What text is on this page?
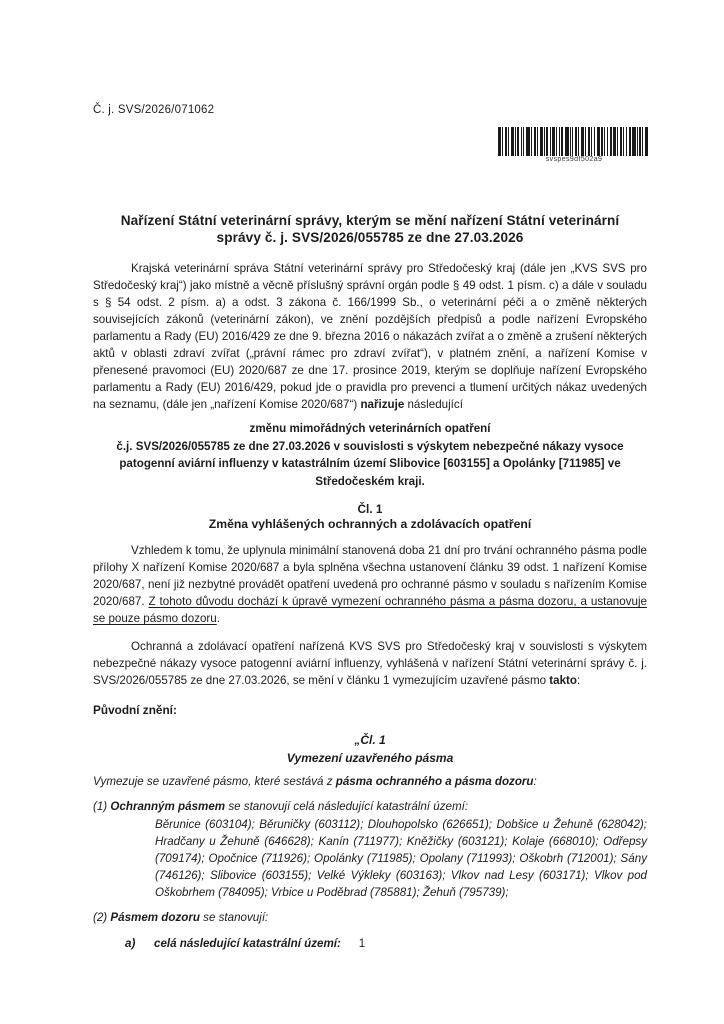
Č. j. SVS/2026/071062
svspes9df502a9
Nařízení Státní veterinární správy, kterým se mění nařízení Státní veterinární správy č. j. SVS/2026/055785 ze dne 27.03.2026

Krajská veterinární správa Státní veterinární správy pro Středočeský kraj (dále jen „KVS SVS pro Středočeský kraj“) jako místně a věcně příslušný správní orgán podle § 49 odst. 1 písm. c) a dále v souladu s § 54 odst. 2 písm. a) a odst. 3 zákona č. 166/1999 Sb., o veterinární péči a o změně některých souvisejících zákonů (veterinární zákon), ve znění pozdějších předpisů a podle nařízení Evropského parlamentu a Rady (EU) 2016/429 ze dne 9. března 2016 o nákazách zvířat a o změně a zrušení některých aktů v oblasti zdraví zvířat („právní rámec pro zdraví zvířat“), v platném znění, a nařízení Komise v přenesené pravomoci (EU) 2020/687 ze dne 17. prosince 2019, kterým se doplňuje nařízení Evropského parlamentu a Rady (EU) 2016/429, pokud jde o pravidla pro prevenci a tlumení určitých nákaz uvedených na seznamu, (dále jen „nařízení Komise 2020/687“) nařizuje následující

změnu mimořádných veterinárních opatření
č.j. SVS/2026/055785 ze dne 27.03.2026 v souvislosti s výskytem nebezpečné nákazy vysoce patogenní aviární influenzy v katastrálním území Slibovice [603155] a Opolánky [711985] ve Středočeském kraji.
Čl. 1
Změna vyhlášených ochranných a zdolávacích opatření

Vzhledem k tomu, že uplynula minimální stanovená doba 21 dní pro trvání ochranného pásma podle přílohy X nařízení Komise 2020/687 a byla splněna všechna ustanovení článku 39 odst. 1 nařízení Komise 2020/687, není již nezbytné provádět opatření uvedená pro ochranné pásmo v souladu s nařízením Komise 2020/687. Z tohoto důvodu dochází k úpravě vymezení ochranného pásma a pásma dozoru, a ustanovuje se pouze pásmo dozoru.

Ochranná a zdolávací opatření nařízená KVS SVS pro Středočeský kraj v souvislosti s výskytem nebezpečné nákazy vysoce patogenní aviární influenzy, vyhlášená v nařízení Státní veterinární správy č. j. SVS/2026/055785 ze dne 27.03.2026, se mění v článku 1 vymezujícím uzavřené pásmo takto:

Původní znění:
„Čl. 1
Vymezení uzavřeného pásma

Vymezuje se uzavřené pásmo, které sestává z pásma ochranného a pásma dozoru:

(1) Ochranným pásmem se stanovují celá následující katastrální území:

Běrunice (603104); Běruničky (603112); Dlouhopolsko (626651); Dobšice u Žehuně (628042); Hradčany u Žehuně (646628); Kanín (711977); Kněžičky (603121); Kolaje (668010); Odřepsy (709174); Opočnice (711926); Opolánky (711985); Opolany (711993); Oškobrh (712001); Sány (746126); Slibovice (603155); Velké Výkleky (603163); Vlkov nad Lesy (603171); Vlkov pod Oškobrhem (784095); Vrbice u Poděbrad (785881); Žehuň (795739);

(2) Pásmem dozoru se stanovují:

a) celá následující katastrální území:	1
